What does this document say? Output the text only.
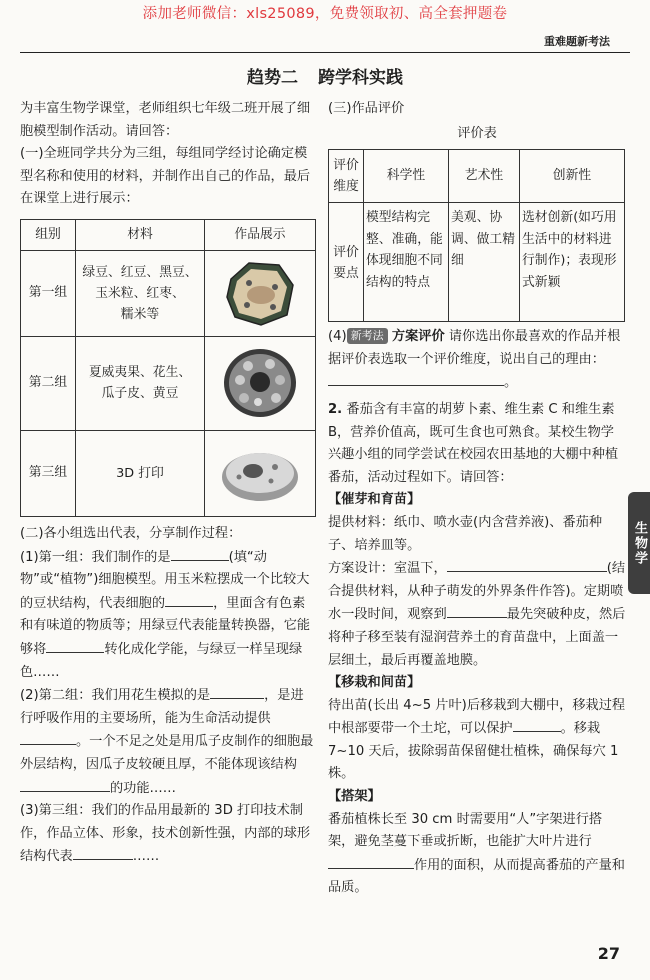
添加老师微信：xls25089，免费领取初、高全套押题卷
重难题新考法
趋势二 跨学科实践

为丰富生物学课堂，老师组织七年级二班开展了细胞模型制作活动。请回答：

(一)全班同学共分为三组，每组同学经讨论确定模型名称和使用的材料，并制作出自己的作品，最后在课堂上进行展示：

组别	材料	作品展示
第一组	绿豆、红豆、黑豆、
玉米粒、红枣、
糯米等

第二组	夏威夷果、花生、
瓜子皮、黄豆

第三组	3D 打印

(二)各小组选出代表，分享制作过程：

(1)第一组：我们制作的是	(填“动物”或“植物”)细胞模型。用玉米粒摆成一个比较大的豆状结构，代表细胞的	，里面含有色素和有味道的物质等；用绿豆代表能量转换器，它能够将	转化成化学能，与绿豆一样呈现绿色……

(2)第二组：我们用花生模拟的是	，是进行呼吸作用的主要场所，能为生命活动提供。一个不足之处是用瓜子皮制作的细胞最外层结构，因瓜子皮较硬且厚，不能体现该结构的功能……

(3)第三组：我们的作品用最新的 3D 打印技术制作，作品立体、形象，技术创新性强，内部的球形结构代表	……

(三)作品评价

评价表

评价维度	科学性	艺术性	创新性
评价要点	模型结构完整、准确，能体现细胞不同结构的特点	美观、协调、做工精细	选材创新(如巧用生活中的材料进行制作)；表现形式新颖

(4) 新考法 方案评价 请你选出你最喜欢的作品并根据评价表选取一个评价维度，说出自己的理由：。

2. 番茄含有丰富的胡萝卜素、维生素 C 和维生素 B，营养价值高，既可生食也可熟食。某校生物学兴趣小组的同学尝试在校园农田基地的大棚中种植番茄，活动过程如下。请回答：

【催芽和育苗】

提供材料：纸巾、喷水壶(内含营养液)、番茄种子、培养皿等。

方案设计：室温下，	(结合提供材料，从种子萌发的外界条件作答)。定期喷水一段时间，观察到	最先突破种皮，然后将种子移至装有湿润营养土的育苗盘中，上面盖一层细土，最后再覆盖地膜。

【移栽和间苗】

待出苗(长出 4~5 片叶)后移栽到大棚中，移栽过程中根部要带一个土坨，可以保护	。移栽 7~10 天后，拔除弱苗保留健壮植株，确保每穴 1 株。

【搭架】

番茄植株长至 30 cm 时需要用“人”字架进行搭架，避免茎蔓下垂或折断，也能扩大叶片进行作用的面积，从而提高番茄的产量和品质。

生物学
27
